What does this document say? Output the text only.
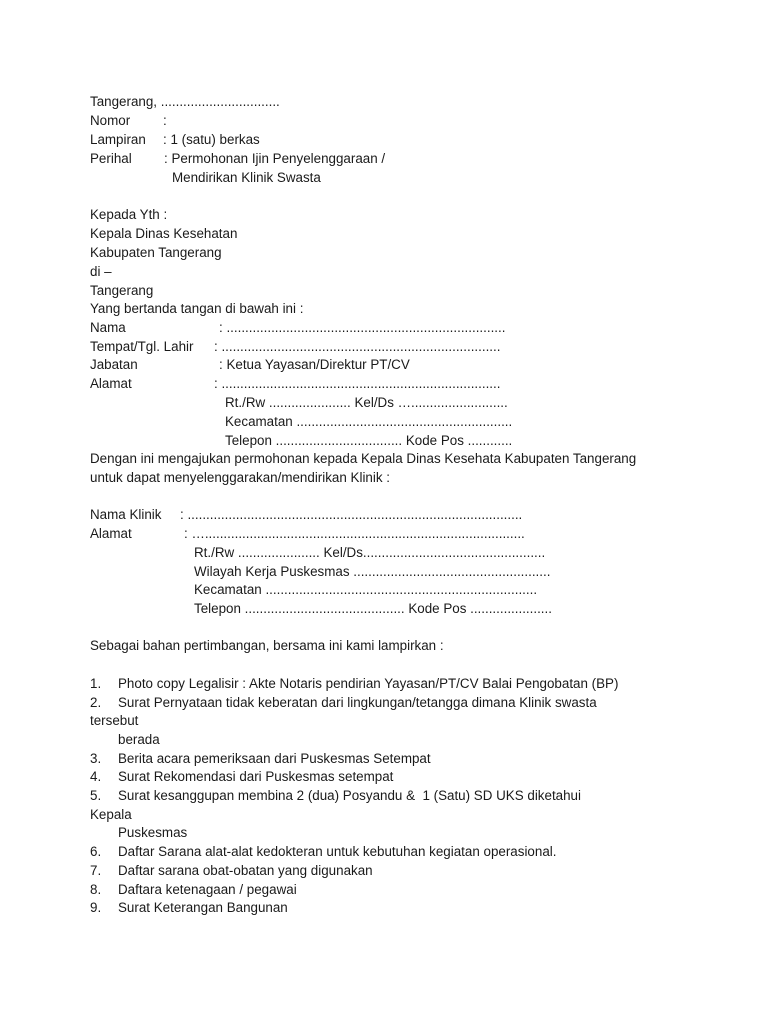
Tangerang, ................................
Nomor :
Lampiran : 1 (satu) berkas
Perihal : Permohonan Ijin Penyelenggaraan /
Mendirikan Klinik Swasta
Kepada Yth :
Kepala Dinas Kesehatan
Kabupaten Tangerang
di –
Tangerang
Yang bertanda tangan di bawah ini :
Nama	: ...........................................................................
Tempat/Tgl. Lahir : ...........................................................................
Jabatan	: Ketua Yayasan/Direktur PT/CV
Alamat	: ...........................................................................
Rt./Rw ...................... Kel/Ds …..........................
Kecamatan ..........................................................
Telepon .................................. Kode Pos ............
Dengan ini mengajukan permohonan kepada Kepala Dinas Kesehata Kabupaten Tangerang
untuk dapat menyelenggarakan/mendirikan Klinik :
Nama Klinik : ..........................................................................................
Alamat	: …......................................................................................
Rt./Rw ...................... Kel/Ds.................................................
Wilayah Kerja Puskesmas .....................................................
Kecamatan .........................................................................
Telepon ........................................... Kode Pos ......................
Sebagai bahan pertimbangan, bersama ini kami lampirkan :
1. Photo copy Legalisir : Akte Notaris pendirian Yayasan/PT/CV Balai Pengobatan (BP)
2. Surat Pernyataan tidak keberatan dari lingkungan/tetangga dimana Klinik swasta
tersebut
berada
3. Berita acara pemeriksaan dari Puskesmas Setempat
4. Surat Rekomendasi dari Puskesmas setempat
5. Surat kesanggupan membina 2 (dua) Posyandu &  1 (Satu) SD UKS diketahui
Kepala
Puskesmas
6. Daftar Sarana alat-alat kedokteran untuk kebutuhan kegiatan operasional.
7. Daftar sarana obat-obatan yang digunakan
8. Daftara ketenagaan / pegawai
9. Surat Keterangan Bangunan
